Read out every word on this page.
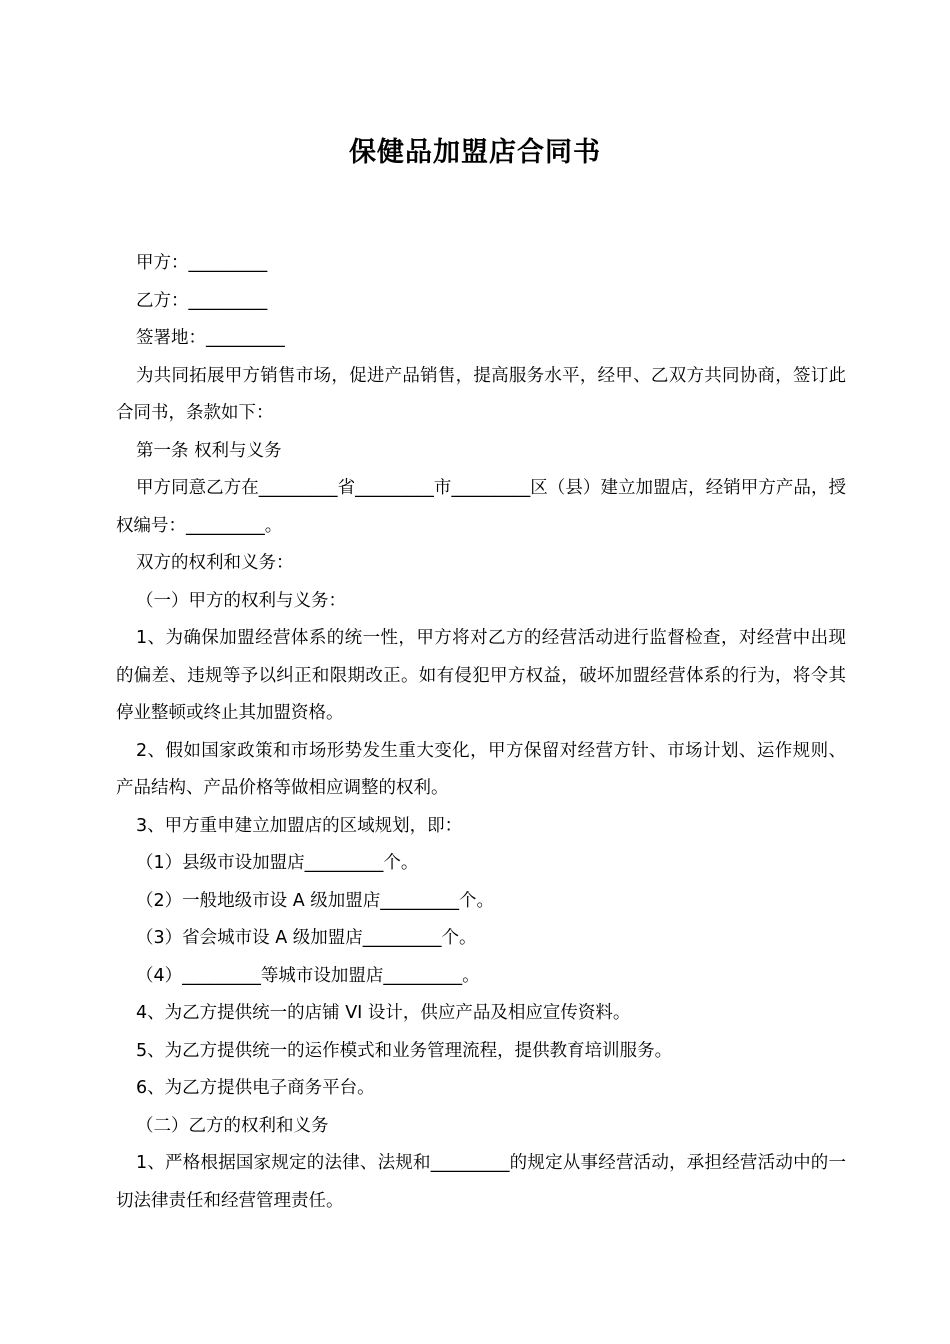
保健品加盟店合同书

甲方：_________

乙方：_________

签署地：_________

为共同拓展甲方销售市场，促进产品销售，提高服务水平，经甲、乙双方共同协商，签订此合同书，条款如下：

第一条 权利与义务

甲方同意乙方在_________省_________市_________区（县）建立加盟店，经销甲方产品，授权编号：_________。

双方的权利和义务：

（一）甲方的权利与义务：

1、为确保加盟经营体系的统一性，甲方将对乙方的经营活动进行监督检查，对经营中出现的偏差、违规等予以纠正和限期改正。如有侵犯甲方权益，破坏加盟经营体系的行为，将令其停业整顿或终止其加盟资格。

2、假如国家政策和市场形势发生重大变化，甲方保留对经营方针、市场计划、运作规则、产品结构、产品价格等做相应调整的权利。

3、甲方重申建立加盟店的区域规划，即：

（1）县级市设加盟店_________个。

（2）一般地级市设 A 级加盟店_________个。

（3）省会城市设 A 级加盟店_________个。

（4）_________等城市设加盟店_________。

4、为乙方提供统一的店铺 VI 设计，供应产品及相应宣传资料。

5、为乙方提供统一的运作模式和业务管理流程，提供教育培训服务。

6、为乙方提供电子商务平台。

（二）乙方的权利和义务

1、严格根据国家规定的法律、法规和_________的规定从事经营活动，承担经营活动中的一切法律责任和经营管理责任。
